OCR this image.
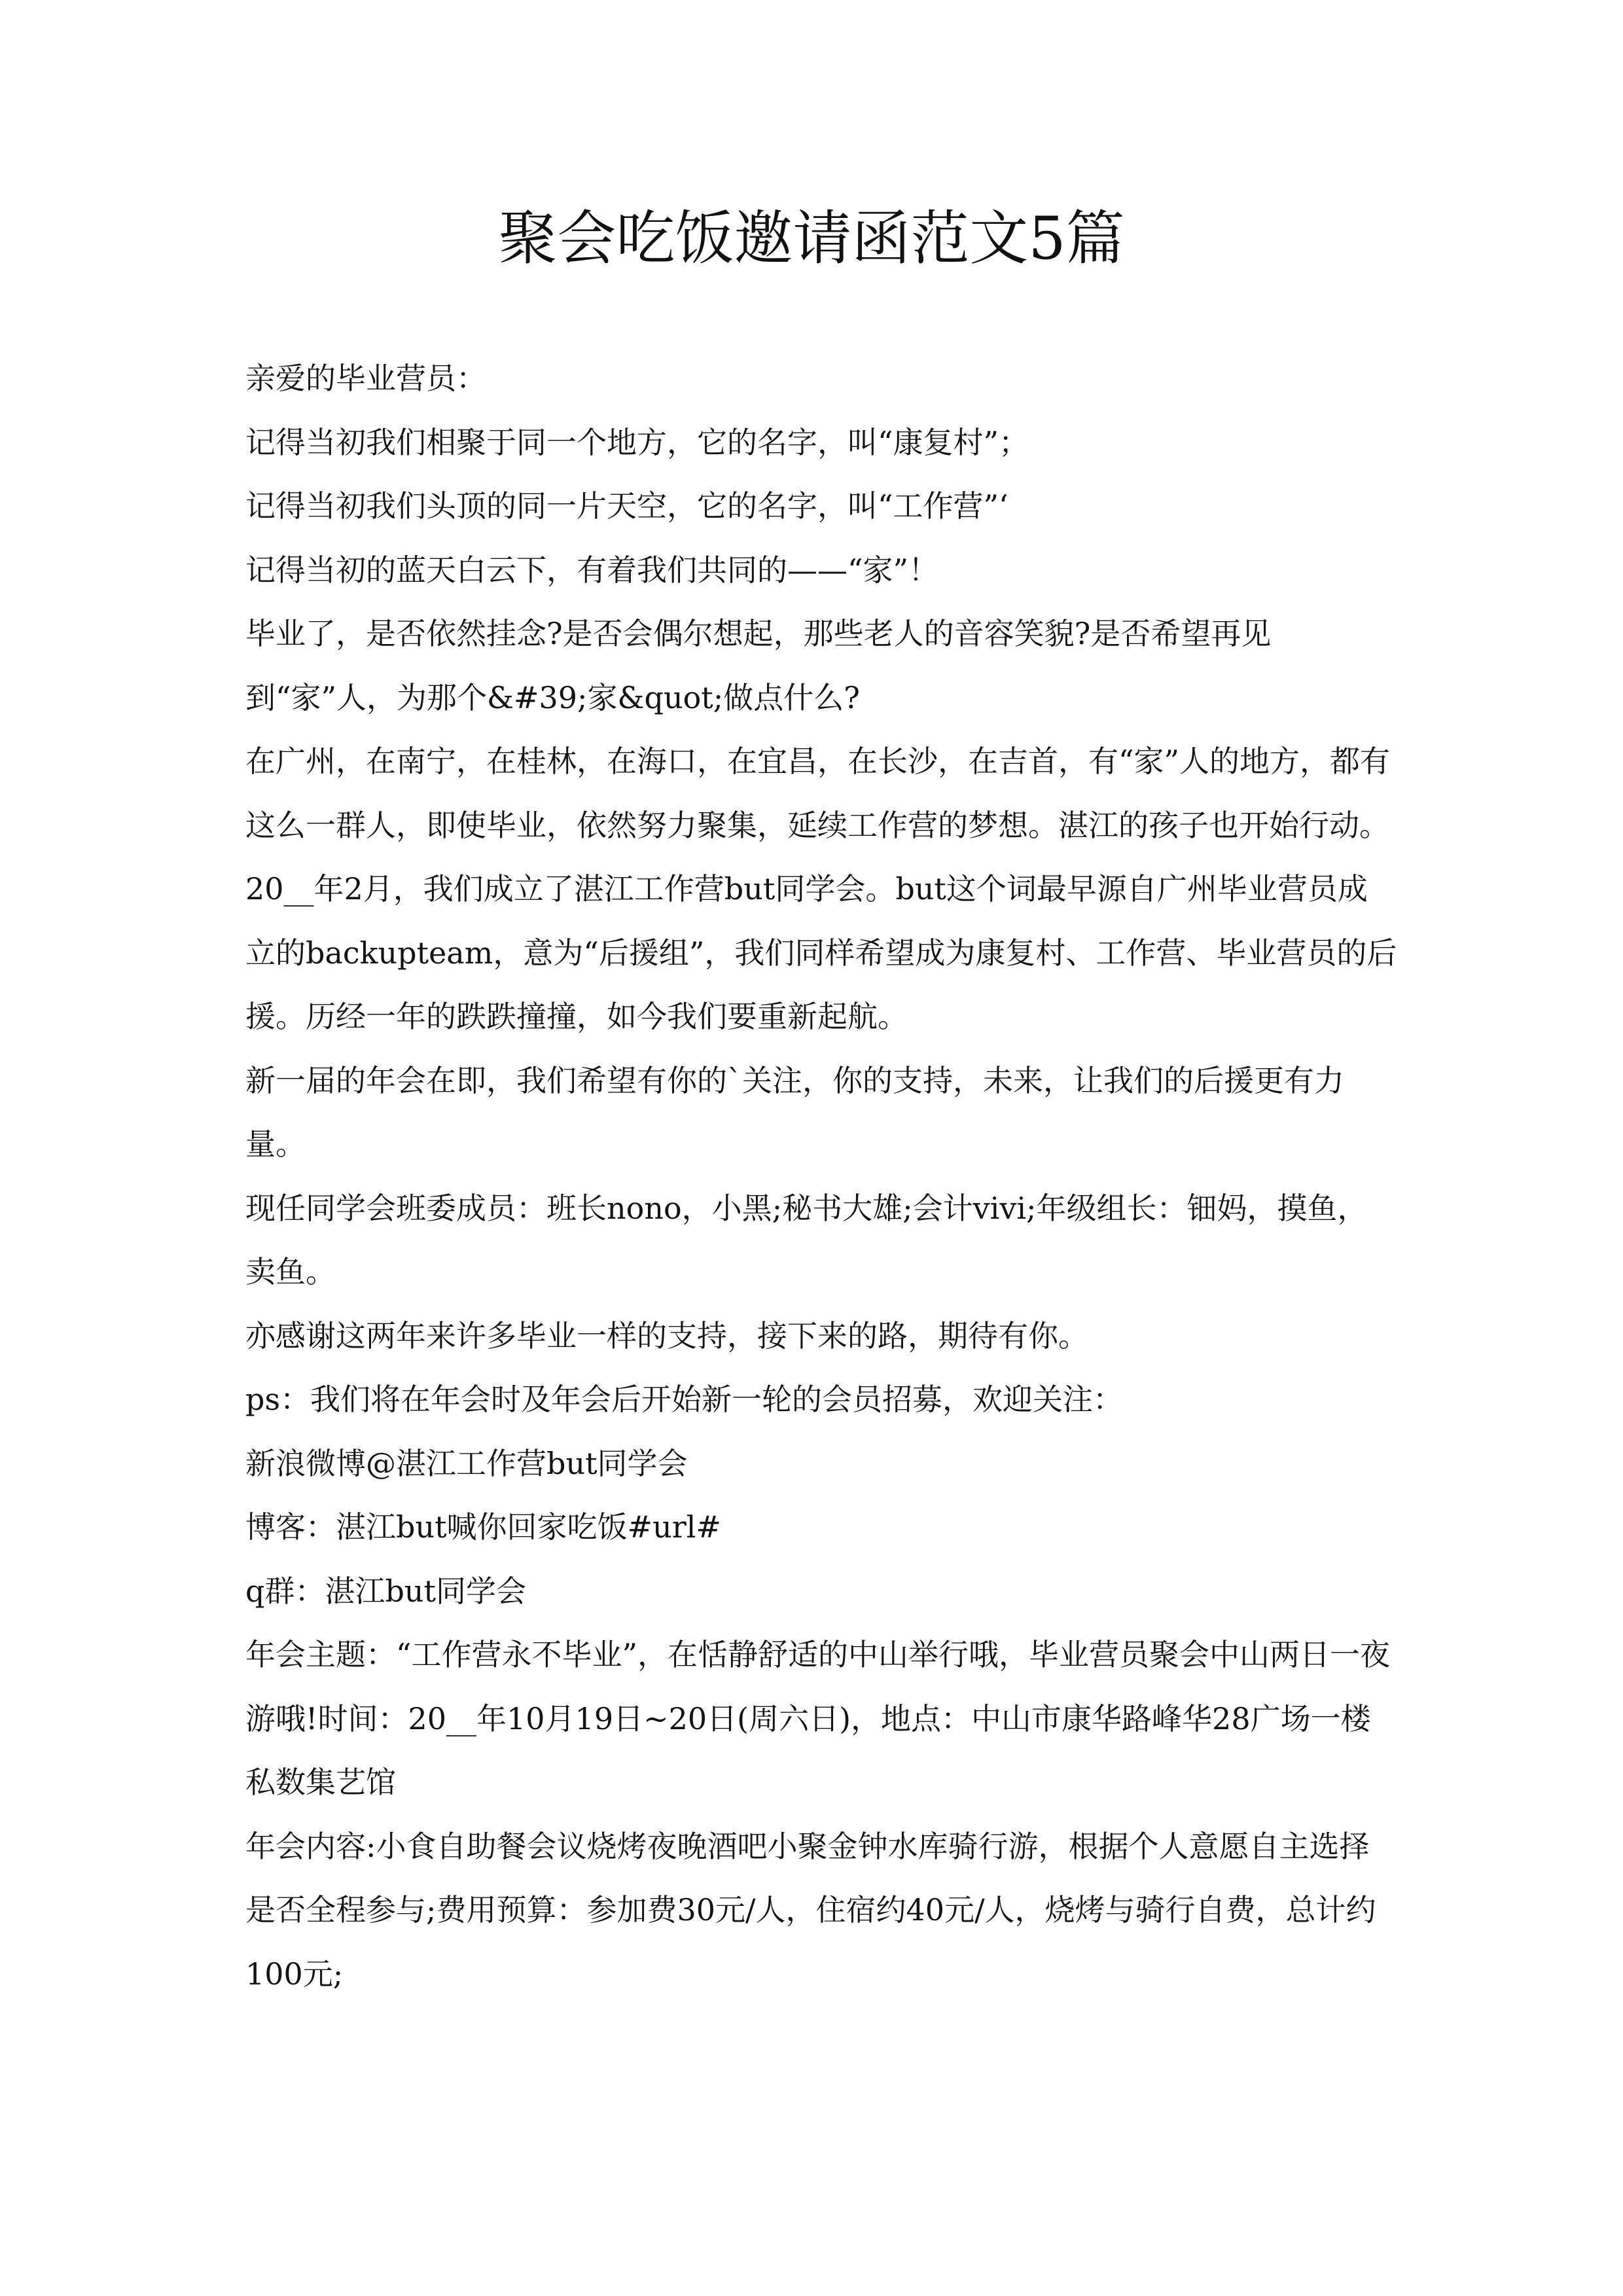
聚会吃饭邀请函范文5篇

亲爱的毕业营员：

记得当初我们相聚于同一个地方，它的名字，叫“康复村”；

记得当初我们头顶的同一片天空，它的名字，叫“工作营”‘

记得当初的蓝天白云下，有着我们共同的——“家”！

毕业了，是否依然挂念?是否会偶尔想起，那些老人的音容笑貌?是否希望再见到“家”人，为那个&#39;家&quot;做点什么?

在广州，在南宁，在桂林，在海口，在宜昌，在长沙，在吉首，有“家”人的地方，都有这么一群人，即使毕业，依然努力聚集，延续工作营的梦想。湛江的孩子也开始行动。

20__年2月，我们成立了湛江工作营but同学会。but这个词最早源自广州毕业营员成立的backupteam，意为“后援组”，我们同样希望成为康复村、工作营、毕业营员的后援。历经一年的跌跌撞撞，如今我们要重新起航。

新一届的年会在即，我们希望有你的`关注，你的支持，未来，让我们的后援更有力量。

现任同学会班委成员：班长nono，小黑;秘书大雄;会计vivi;年级组长：钿妈，摸鱼，卖鱼。

亦感谢这两年来许多毕业一样的支持，接下来的路，期待有你。

ps：我们将在年会时及年会后开始新一轮的会员招募，欢迎关注：

新浪微博@湛江工作营but同学会

博客：湛江but喊你回家吃饭#url#

q群：湛江but同学会

年会主题：“工作营永不毕业”，在恬静舒适的中山举行哦，毕业营员聚会中山两日一夜游哦!时间：20__年10月19日~20日(周六日)，地点：中山市康华路峰华28广场一楼私数集艺馆

年会内容:小食自助餐会议烧烤夜晚酒吧小聚金钟水库骑行游，根据个人意愿自主选择是否全程参与;费用预算：参加费30元/人，住宿约40元/人，烧烤与骑行自费，总计约100元;
